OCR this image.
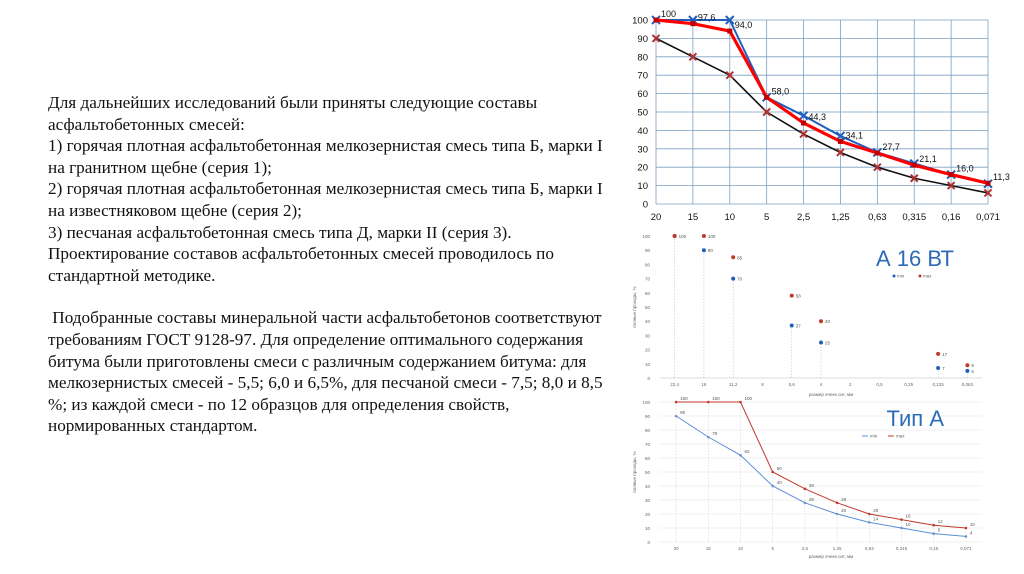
Для дальнейших исследований были приняты следующие составы асфальтобетонных смесей:
1) горячая плотная асфальтобетонная мелкозернистая смесь типа Б, марки I на гранитном щебне (серия 1);
2) горячая плотная асфальтобетонная мелкозернистая смесь типа Б, марки I на известняковом щебне (серия 2);
3) песчаная асфальтобетонная смесь типа Д, марки II (серия 3). Проектирование составов асфальтобетонных смесей проводилось по стандартной методике.

Подобранные составы минеральной части асфальтобетонов соответствуют требованиям ГОСТ 9128-97. Для определение оптимального содержания битума были приготовлены смеси с различным содержанием битума: для мелкозернистых смесей - 5,5; 6,0 и 6,5%, для песчаной смеси - 7,5; 8,0 и 8,5 %; из каждой смеси - по 12 образцов для определения свойств, нормированных стандартом.

0
10
20
30
40
50
60
70
80
90
100
20	15	10	5	2,5 1,25 0,63 0,315 0,16 0,071
100 97,6
94,0
58,0
44,3
34,1
27,7
21,1
16,0
11,3
100
90
80
70
60
50
40
30
20
10
0
22,4	16	11,2	8	5,6	4	2	0,5	0,25	0,125	0,063
размер ячеек сит, мм
полные проходы, %
А 16 ВТ
min	max
90
70
37
25
7
5
100	100
85
58
40
17
9
100
90
80
70
60
50
40
30
20
10
0
20	15	10	5	2,5	1,25	0,63	0,315	0,16	0,071
размер ячеек сит, мм
полные проходы, %
Тип А
min	max
90
75
62
40
28
20
14
10
6
4
100	100	100
50
38
28
20
16
12
10
